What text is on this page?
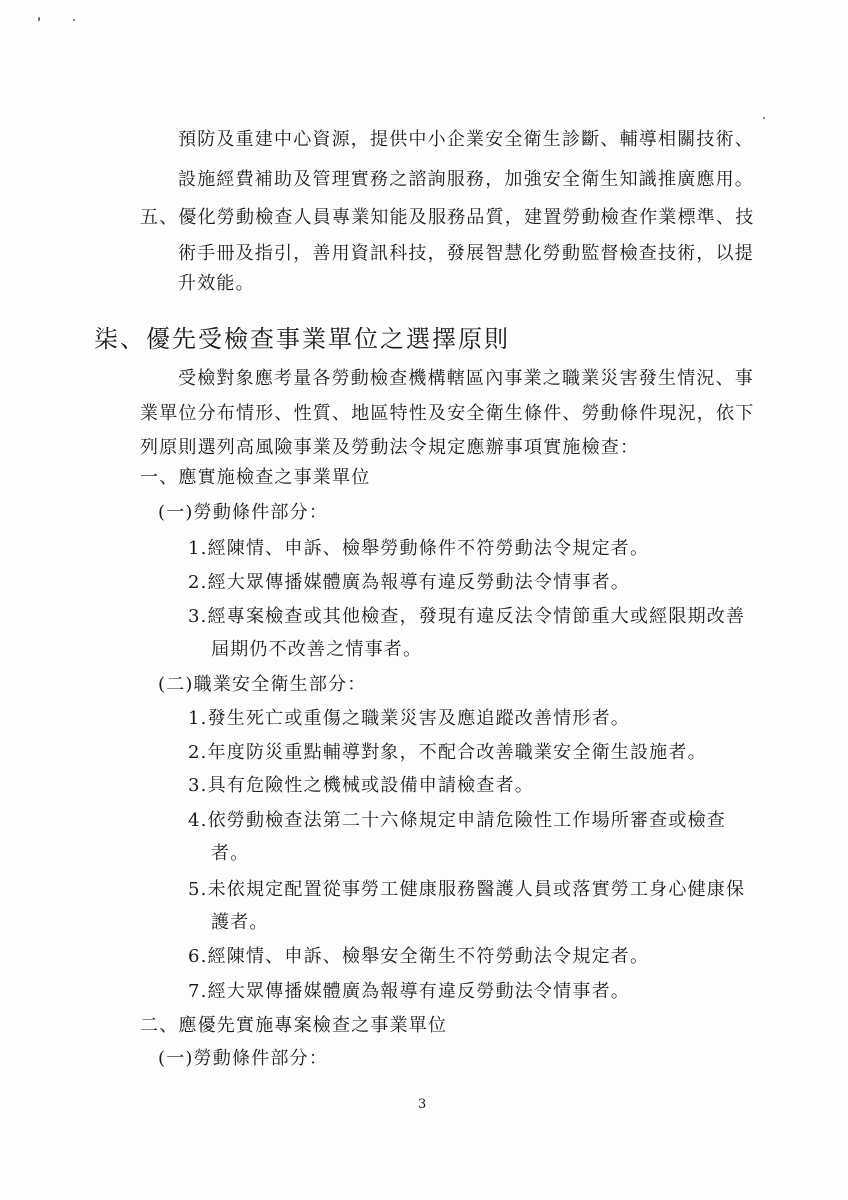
預防及重建中心資源，提供中小企業安全衛生診斷、輔導相關技術、
設施經費補助及管理實務之諮詢服務，加強安全衛生知識推廣應用。
五、優化勞動檢查人員專業知能及服務品質，建置勞動檢查作業標準、技
術手冊及指引，善用資訊科技，發展智慧化勞動監督檢查技術，以提
升效能。
柒、優先受檢查事業單位之選擇原則
受檢對象應考量各勞動檢查機構轄區內事業之職業災害發生情況、事
業單位分布情形、性質、地區特性及安全衛生條件、勞動條件現況，依下
列原則選列高風險事業及勞動法令規定應辦事項實施檢查：
一、應實施檢查之事業單位
(一)勞動條件部分：
1.經陳情、申訴、檢舉勞動條件不符勞動法令規定者。
2.經大眾傳播媒體廣為報導有違反勞動法令情事者。
3.經專案檢查或其他檢查，發現有違反法令情節重大或經限期改善
屆期仍不改善之情事者。
(二)職業安全衛生部分：
1.發生死亡或重傷之職業災害及應追蹤改善情形者。
2.年度防災重點輔導對象，不配合改善職業安全衛生設施者。
3.具有危險性之機械或設備申請檢查者。
4.依勞動檢查法第二十六條規定申請危險性工作場所審查或檢查
者。
5.未依規定配置從事勞工健康服務醫護人員或落實勞工身心健康保
護者。
6.經陳情、申訴、檢舉安全衛生不符勞動法令規定者。
7.經大眾傳播媒體廣為報導有違反勞動法令情事者。
二、應優先實施專案檢查之事業單位
(一)勞動條件部分：
3
